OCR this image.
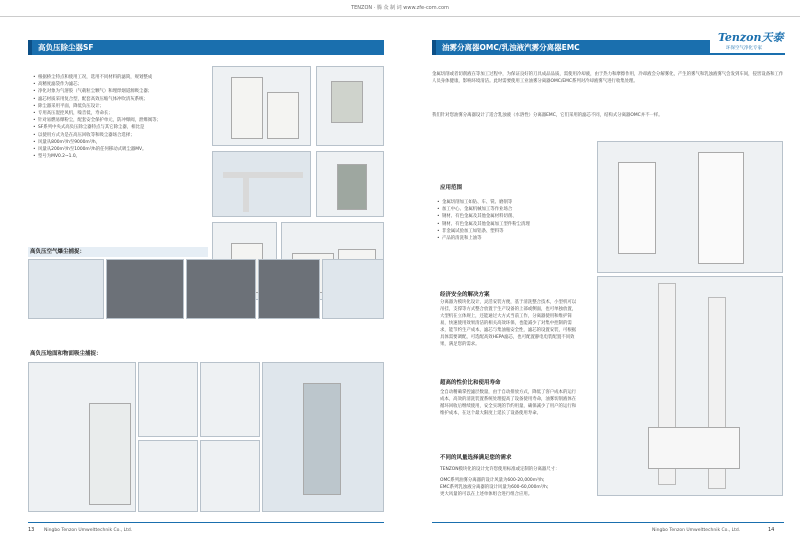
TENZON · 腾 众 制 词 www.zfe-com.com
Tenzon天泰
环保空气净化专家
高负压除尘器SF
• 根据桥尘特点和使用工况，选用不同材料的滤筒，规划整成
• 高精度滤袋作为滤芯；
• 净化对象为气溶胶（气载粒尘颗气）和埋焊烟道源吸尘器；
• 滤芯材质采用复合型，配套高效压缩气体冲吹清灰系统；
• 除尘器采用平面，降低负压设计；
• 专用高压混控风机，噪音低，寿命长；
• 针对易燃易爆粉尘，配套安全保护单元，防冲爆阀，泄爆阀等；
• SF系列中央式高负压除尘器特点与其它除尘器，相比是
• 以使用方式为是在高压回收等和吸尘器场合选择；
• 风量从800m³/h至9000m³/h，
• 风量从200m³/h至1000m³/h的任何移动式吸尘器MV。
• 型号为MV0.2~1.0。
高负压空气爆尘捕捉：
高负压地面和物面吸尘捕捉：
油雾分离器OMC/乳浊液汽雾分离器EMC
金属切削或者切削液在等加工过程中，为保证良好的刀具成品品质，需使用冷却液，由于热力和摩擦作用，冷却液会分解雾化，产生的雾气和乳浊液雾气会发到车间，侵害设备和工作人员身体健康，影响环境清洁。此时需要使用工业油雾分离器OMC/EMC系列对冷却液雾气进行收集处理。
我们针对您油雾分离器设计了适合乳浊液（水溶性）分离器EMC，它们采用的滤芯不同，结构式分离器OMC并不一样。
应用范围
• 金属切削加工如钻、车、铣、磨削等
• 加工中心、金属机械加工等作业场合
• 钢材、有色金属及其他金属材料切削、
• 钢材、有色金属及其他金属加工型件粉尘清理
• 非金属试验加工如铝条、塑料等
• 产品的清洗和上油等
经济安全的解决方案
分离器为模块化设计，灵活安装方便，基于清洗整合技术，小型机可以吊挂，支撑等方式整合放置于生产设备的上部或侧面，也可单独放置，大型机在立体规上，还能通过大方式当前工作，分离器使用和维护简易，快速使用效果清洁的相关高效环保，也能减少了对集中控制的需求，能节约生产成本，滤芯与集油瓶安全性，滤芯的设置安装，可根据具体需要调配，可选配高效HEPA滤芯，也可配置静电电装配置不同效果，满足您的需求。
超高的性价比和使用寿命
全自动精确掌控滤层数量，由于自动排放方式，降低了客户成本的运行成本，高效的清洗装置系统处理提高了设备使用寿命，油雾切削液体在循环回收后继续使用，安全实现的节约用量，确保减少了用户的运行和维护成本，在这个最大限度上延长了设备使用寿命。
不同的风量选择满足您的需求
TENZON模块化的设计允许您使用标准或定制的分离器尺寸：
OMC系列油雾分离器的设计风量为600-20,000m³/h;
EMC系列乳浊液分离器的设计风量为600-60,000m³/h;
更大风量的可以在上述单体组合进行组合应用。
13 Ningbo Tenzon Umwelttechnik Co., Ltd.	Ningbo Tenzon Umwelttechnik Co., Ltd.	14
